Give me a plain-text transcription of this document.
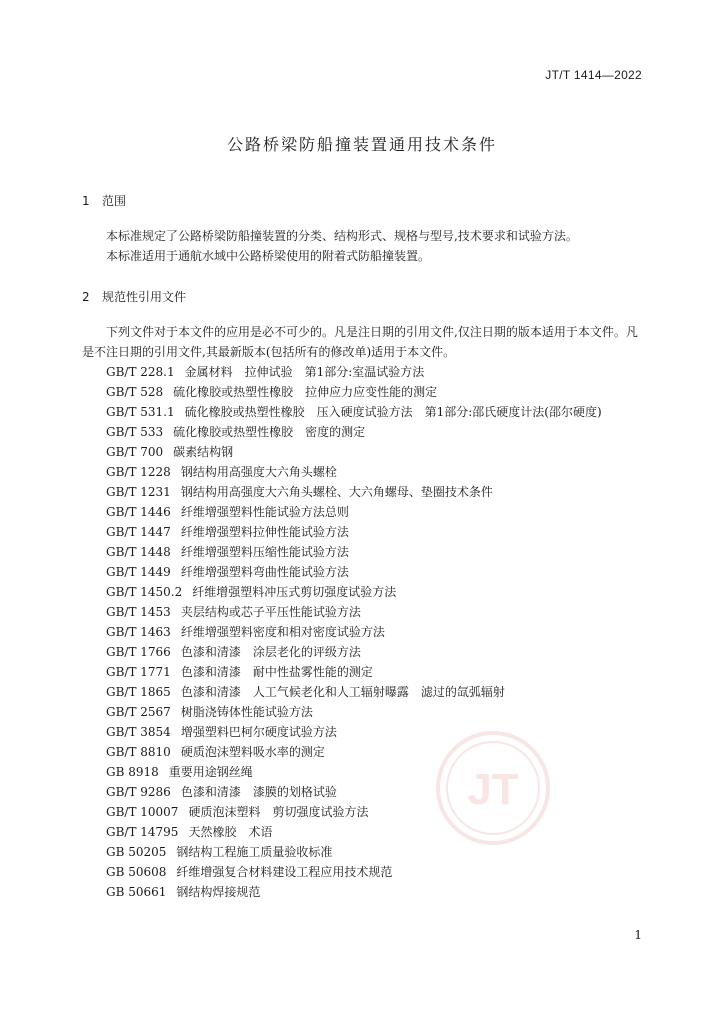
JT/T 1414—2022
公路桥梁防船撞装置通用技术条件
1 范围
本标准规定了公路桥梁防船撞装置的分类、结构形式、规格与型号,技术要求和试验方法。
本标准适用于通航水域中公路桥梁使用的附着式防船撞装置。
2 规范性引用文件
下列文件对于本文件的应用是必不可少的。凡是注日期的引用文件,仅注日期的版本适用于本文件。凡是不注日期的引用文件,其最新版本(包括所有的修改单)适用于本文件。
GB/T 228.1 金属材料　拉伸试验　第1部分:室温试验方法
GB/T 528 硫化橡胶或热塑性橡胶　拉伸应力应变性能的测定
GB/T 531.1 硫化橡胶或热塑性橡胶　压入硬度试验方法　第1部分:邵氏硬度计法(邵尔硬度)
GB/T 533 硫化橡胶或热塑性橡胶　密度的测定
GB/T 700 碳素结构钢
GB/T 1228 钢结构用高强度大六角头螺栓
GB/T 1231 钢结构用高强度大六角头螺栓、大六角螺母、垫圈技术条件
GB/T 1446 纤维增强塑料性能试验方法总则
GB/T 1447 纤维增强塑料拉伸性能试验方法
GB/T 1448 纤维增强塑料压缩性能试验方法
GB/T 1449 纤维增强塑料弯曲性能试验方法
GB/T 1450.2 纤维增强塑料冲压式剪切强度试验方法
GB/T 1453 夹层结构或芯子平压性能试验方法
GB/T 1463 纤维增强塑料密度和相对密度试验方法
GB/T 1766 色漆和清漆　涂层老化的评级方法
GB/T 1771 色漆和清漆　耐中性盐雾性能的测定
GB/T 1865 色漆和清漆　人工气候老化和人工辐射曝露　滤过的氙弧辐射
GB/T 2567 树脂浇铸体性能试验方法
GB/T 3854 增强塑料巴柯尔硬度试验方法
GB/T 8810 硬质泡沫塑料吸水率的测定
GB 8918 重要用途钢丝绳
GB/T 9286 色漆和清漆　漆膜的划格试验
GB/T 10007 硬质泡沫塑料　剪切强度试验方法
GB/T 14795 天然橡胶　术语
GB 50205 钢结构工程施工质量验收标准
GB 50608 纤维增强复合材料建设工程应用技术规范
GB 50661 钢结构焊接规范
JT
1
